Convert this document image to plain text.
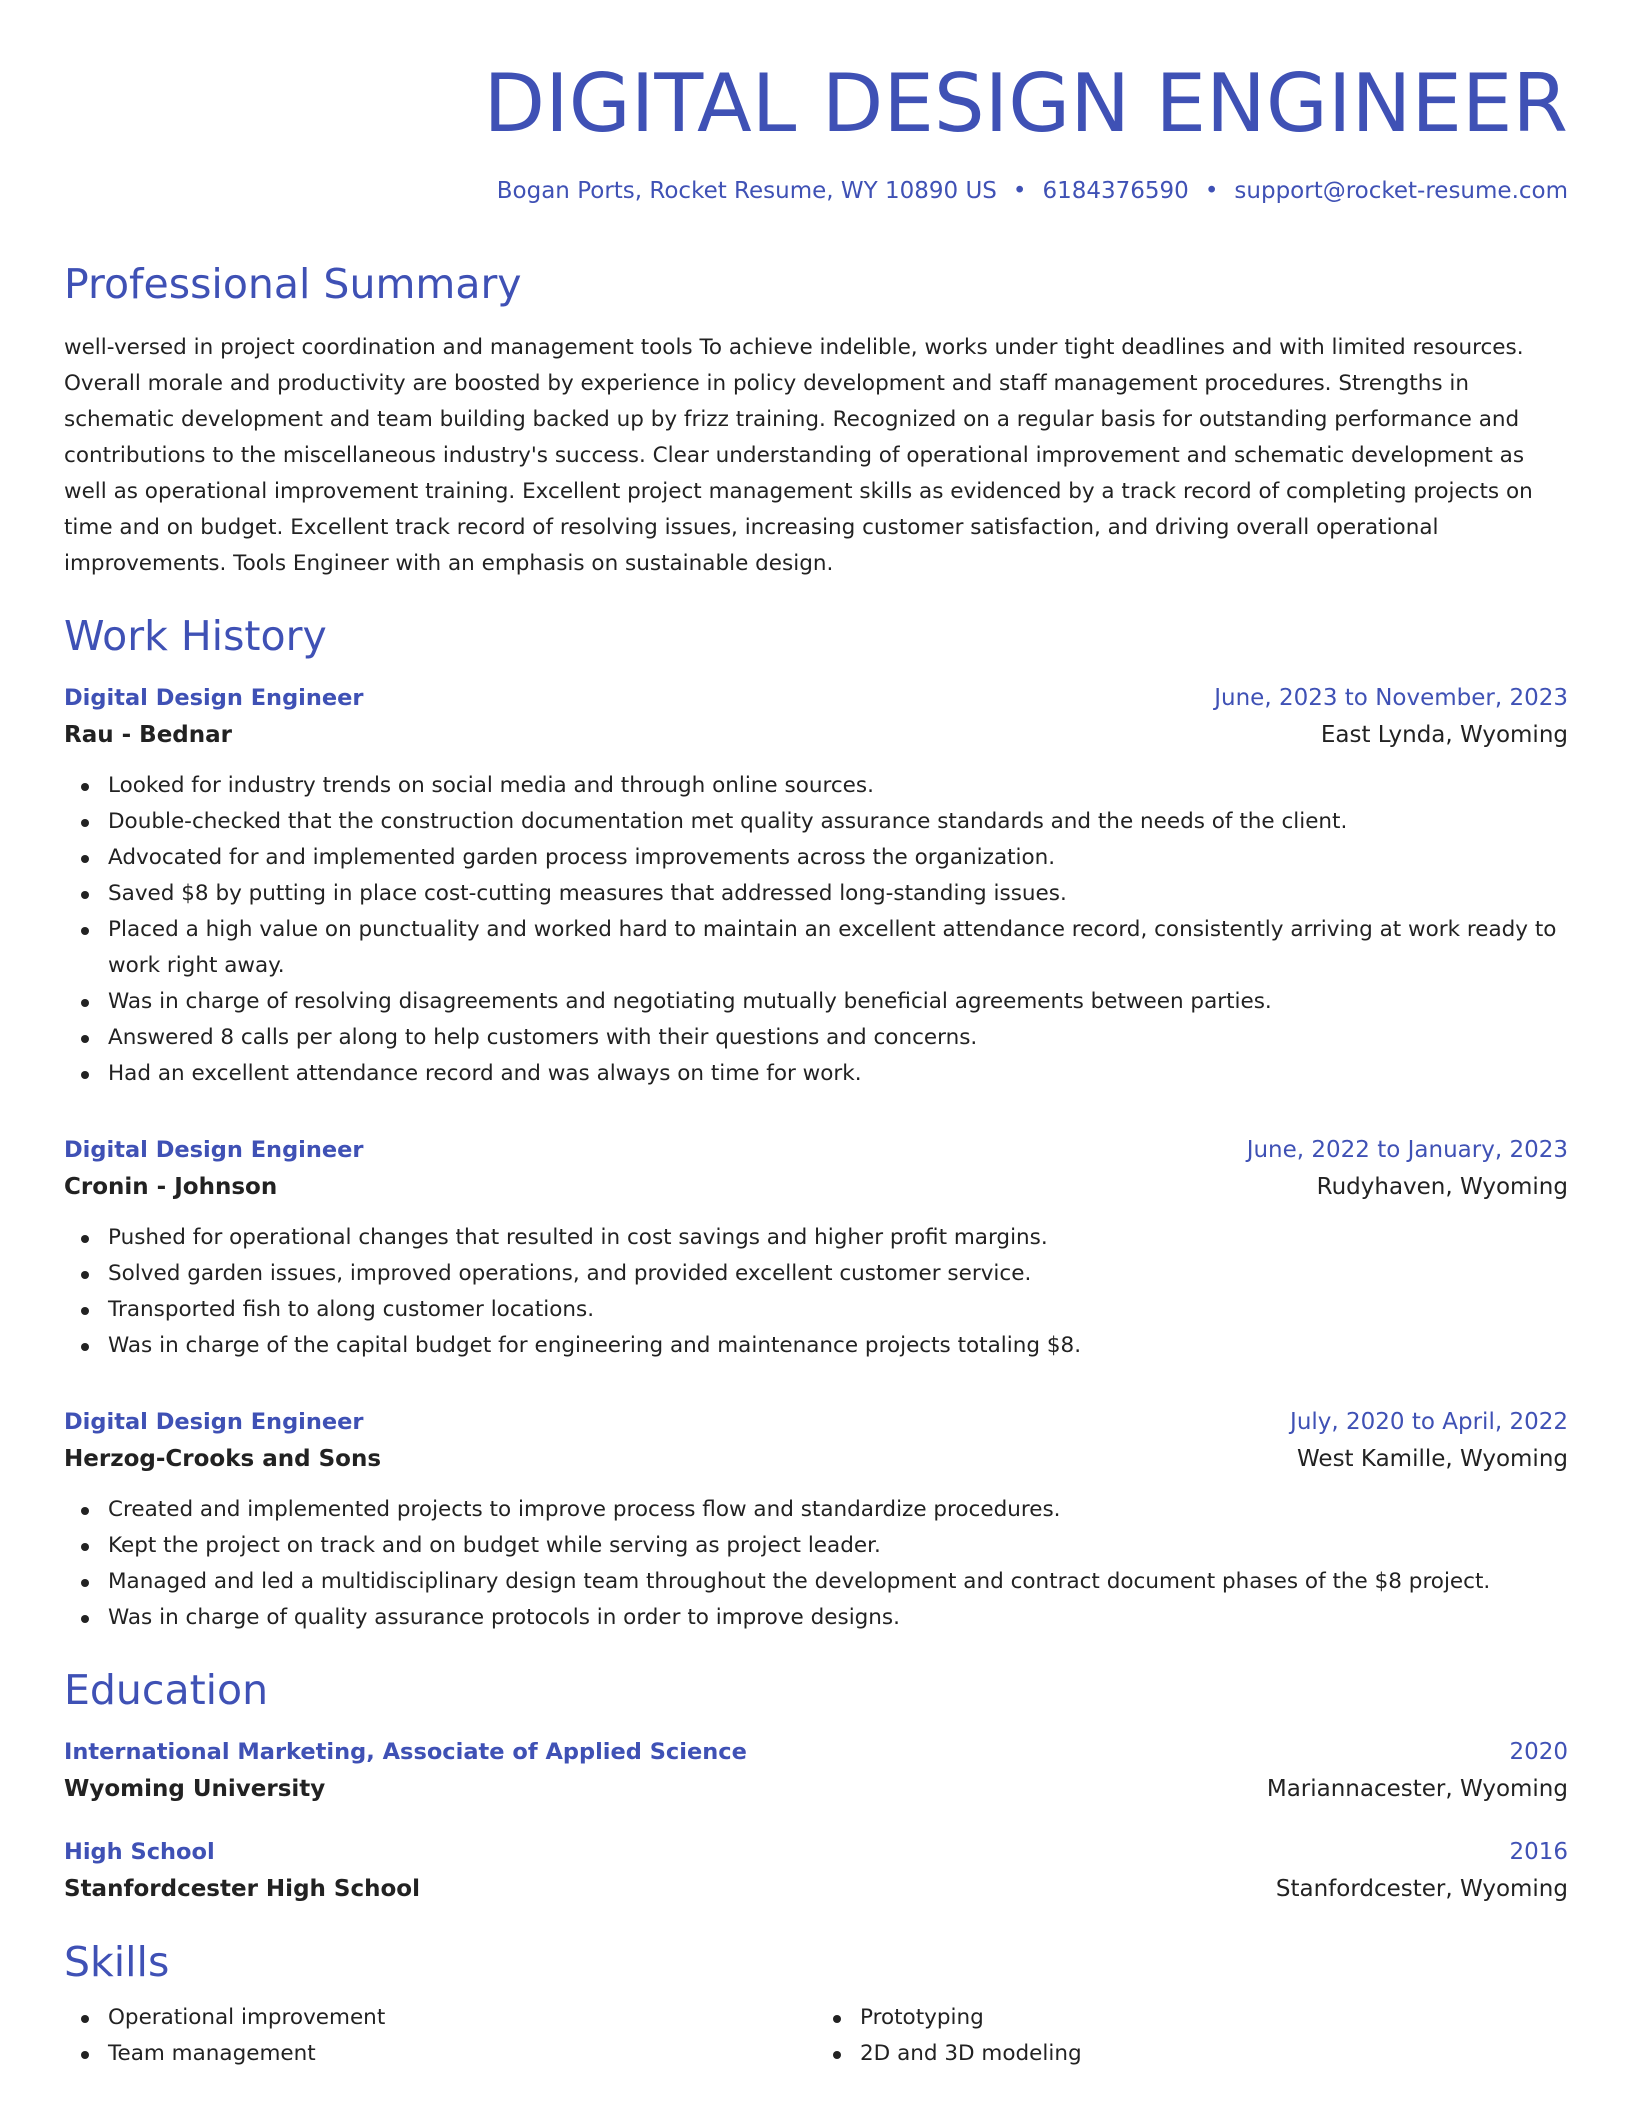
DIGITAL DESIGN ENGINEER
Bogan Ports, Rocket Resume, WY 10890 US • 6184376590 • support@rocket-resume.com
Professional Summary
well-versed in project coordination and management tools To achieve indelible, works under tight deadlines and with limited resources. Overall morale and productivity are boosted by experience in policy development and staff management procedures. Strengths in schematic development and team building backed up by frizz training. Recognized on a regular basis for outstanding performance and contributions to the miscellaneous industry's success. Clear understanding of operational improvement and schematic development as well as operational improvement training. Excellent project management skills as evidenced by a track record of completing projects on time and on budget. Excellent track record of resolving issues, increasing customer satisfaction, and driving overall operational improvements. Tools Engineer with an emphasis on sustainable design.
Work History
Digital Design Engineer	June, 2023 to November, 2023
Rau - Bednar	East Lynda, Wyoming
Looked for industry trends on social media and through online sources.
Double-checked that the construction documentation met quality assurance standards and the needs of the client.
Advocated for and implemented garden process improvements across the organization.
Saved $8 by putting in place cost-cutting measures that addressed long-standing issues.
Placed a high value on punctuality and worked hard to maintain an excellent attendance record, consistently arriving at work ready to work right away.
Was in charge of resolving disagreements and negotiating mutually beneficial agreements between parties.
Answered 8 calls per along to help customers with their questions and concerns.
Had an excellent attendance record and was always on time for work.
Digital Design Engineer	June, 2022 to January, 2023
Cronin - Johnson	Rudyhaven, Wyoming
Pushed for operational changes that resulted in cost savings and higher profit margins.
Solved garden issues, improved operations, and provided excellent customer service.
Transported fish to along customer locations.
Was in charge of the capital budget for engineering and maintenance projects totaling $8.
Digital Design Engineer	July, 2020 to April, 2022
Herzog-Crooks and Sons	West Kamille, Wyoming
Created and implemented projects to improve process flow and standardize procedures.
Kept the project on track and on budget while serving as project leader.
Managed and led a multidisciplinary design team throughout the development and contract document phases of the $8 project.
Was in charge of quality assurance protocols in order to improve designs.
Education
International Marketing, Associate of Applied Science	2020
Wyoming University	Mariannacester, Wyoming
High School	2016
Stanfordcester High School	Stanfordcester, Wyoming
Skills
Operational improvement
Team management
Prototyping
2D and 3D modeling
